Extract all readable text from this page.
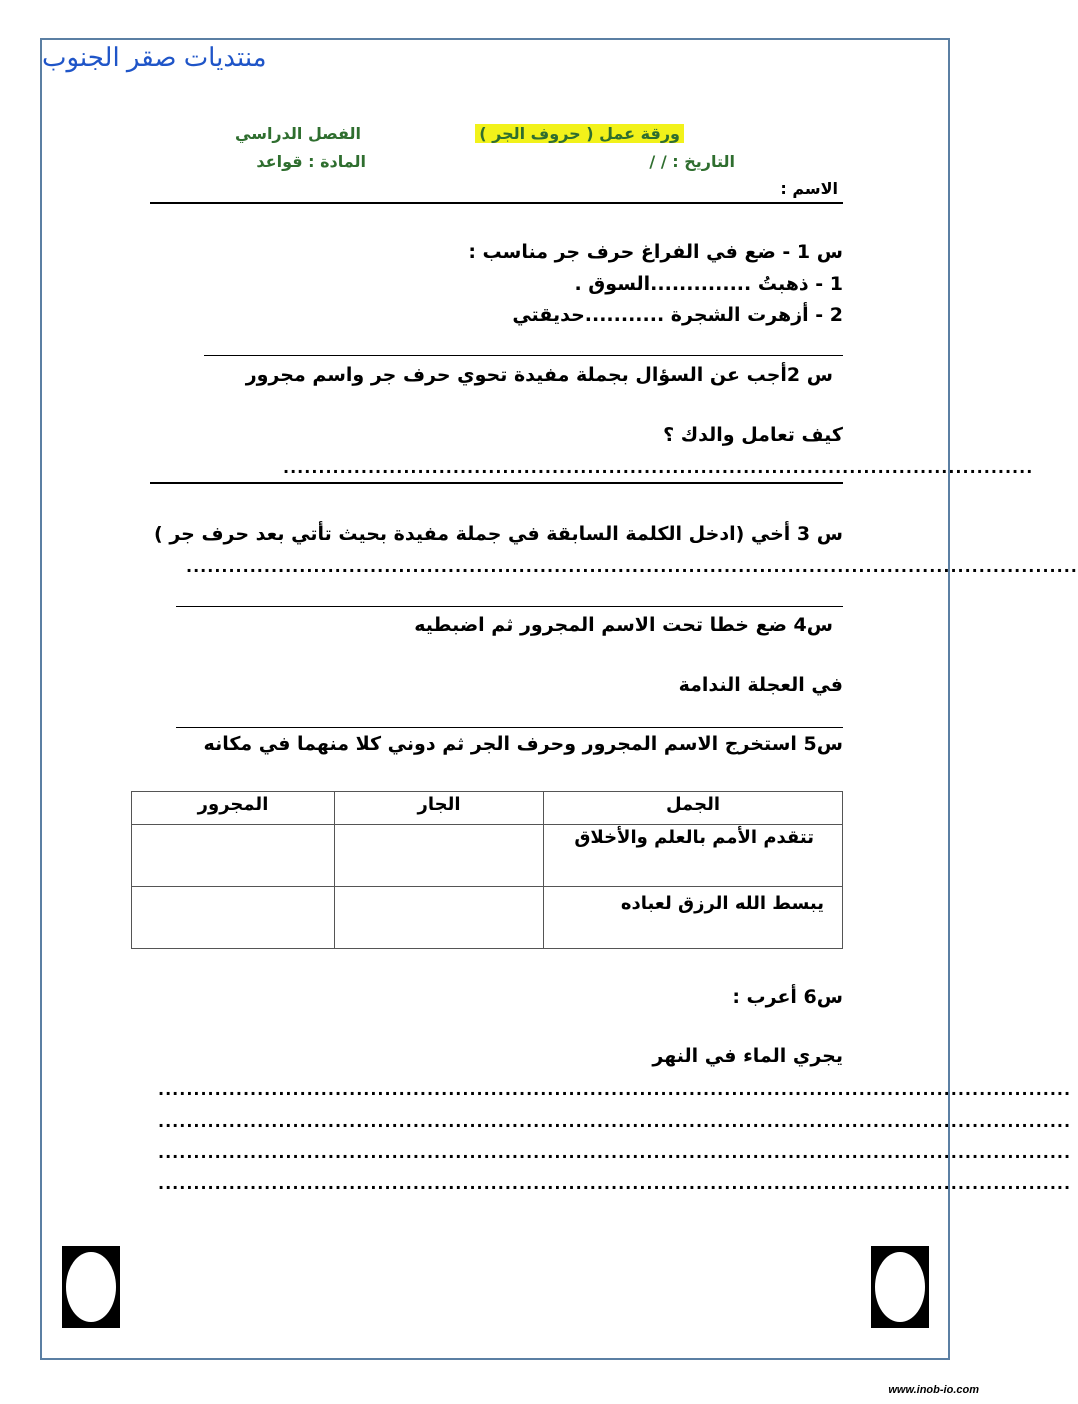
منتديات صقر الجنوب
ورقة عمل ( حروف الجر )
الفصل الدراسي
التاريخ : / /
المادة : قواعد
الاسم :
س 1 - ضع في الفراغ حرف جر مناسب :
1 - ذهبتُ ..............السوق .
2 - أزهرت الشجرة ...........حديقتي
س 2أجب عن السؤال بجملة مفيدة تحوي حرف جر واسم مجرور
كيف تعامل والدك ؟
..........................................................................................................
س 3 أخي (ادخل الكلمة السابقة في جملة مفيدة بحيث تأتي بعد حرف جر )
..............................................................................................................................
س4 ضع خطا تحت الاسم المجرور ثم اضبطيه
في العجلة الندامة
س5 استخرج الاسم المجرور وحرف الجر ثم دوني كلا منهما في مكانه
الجمل	الجار	المجرور
تتقدم الأمم بالعلم والأخلاق		
يبسط الله الرزق لعباده		
س6 أعرب :
يجري الماء في النهر
.................................................................................................................................
.................................................................................................................................
.................................................................................................................................
.................................................................................................................................
www.inob-io.com
